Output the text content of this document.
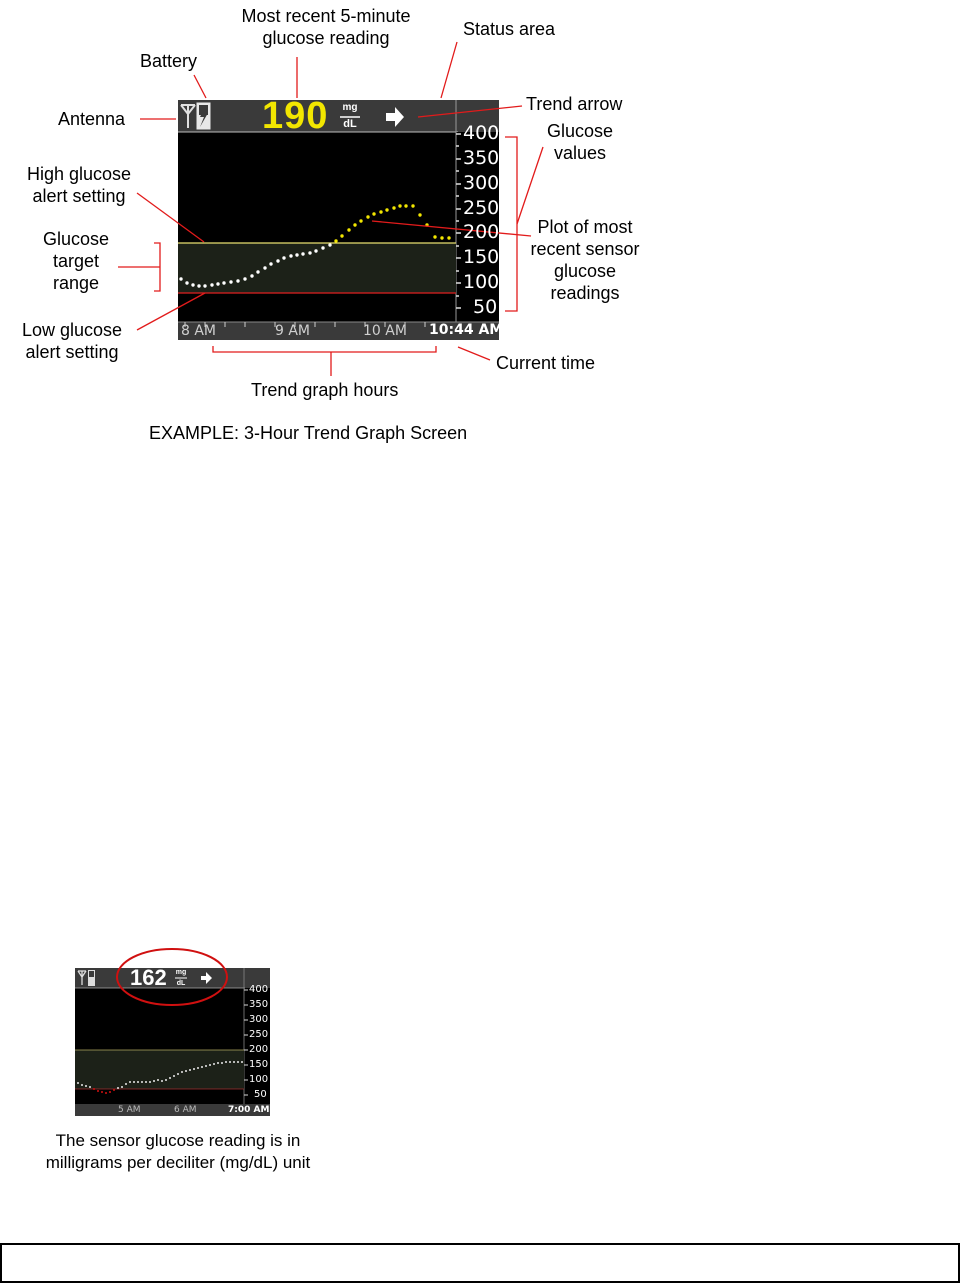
190 mg
dL	400
350
300
250
200
150
100
50
8 AM	9 AM	10 AM 10:44 AM
Most recent 5-minute
glucose reading	Status area
Battery
Antenna
Trend arrow
Glucose
values
High glucose
alert setting
Glucose
target
range
Plot of most
recent sensor
glucose
readings
Low glucose
alert setting
Current time
Trend graph hours
EXAMPLE: 3-Hour Trend Graph Screen
162 mg
dL
400
350
300
250
200
150
100
50
5 AM	6 AM	7:00 AM
The sensor glucose reading is in
milligrams per deciliter (mg/dL) unit
